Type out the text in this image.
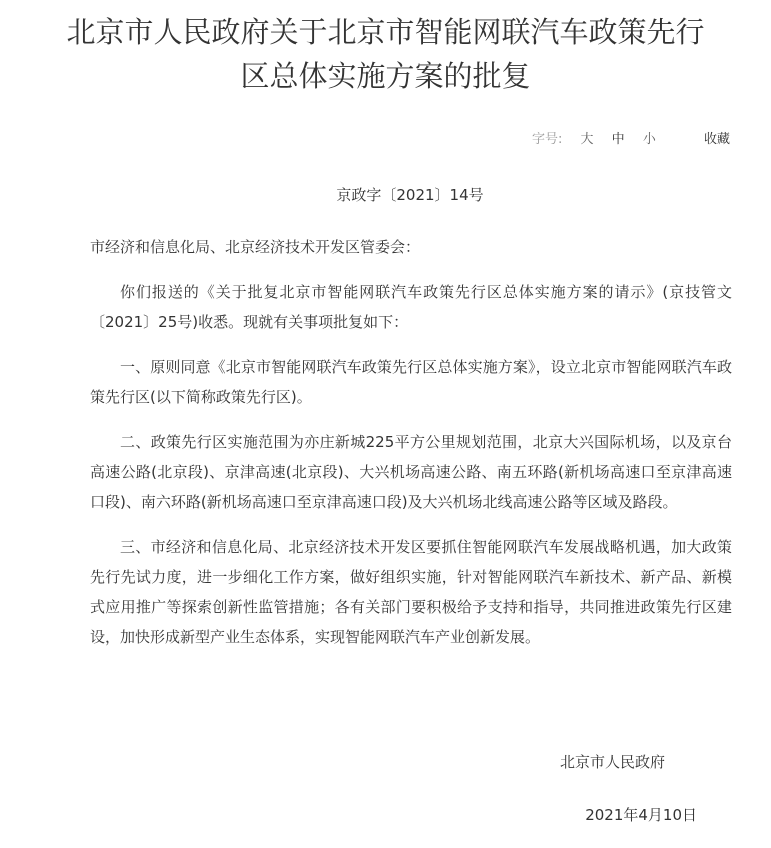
北京市人民政府关于北京市智能网联汽车政策先行
区总体实施方案的批复
字号: 大 中 小	收藏
京政字〔2021〕14号

市经济和信息化局、北京经济技术开发区管委会：

你们报送的《关于批复北京市智能网联汽车政策先行区总体实施方案的请示》(京技管文〔2021〕25号)收悉。现就有关事项批复如下：

一、原则同意《北京市智能网联汽车政策先行区总体实施方案》，设立北京市智能网联汽车政策先行区(以下简称政策先行区)。

二、政策先行区实施范围为亦庄新城225平方公里规划范围，北京大兴国际机场，以及京台高速公路(北京段)、京津高速(北京段)、大兴机场高速公路、南五环路(新机场高速口至京津高速口段)、南六环路(新机场高速口至京津高速口段)及大兴机场北线高速公路等区域及路段。

三、市经济和信息化局、北京经济技术开发区要抓住智能网联汽车发展战略机遇，加大政策先行先试力度，进一步细化工作方案，做好组织实施，针对智能网联汽车新技术、新产品、新模式应用推广等探索创新性监管措施；各有关部门要积极给予支持和指导，共同推进政策先行区建设，加快形成新型产业生态体系，实现智能网联汽车产业创新发展。

北京市人民政府
2021年4月10日
